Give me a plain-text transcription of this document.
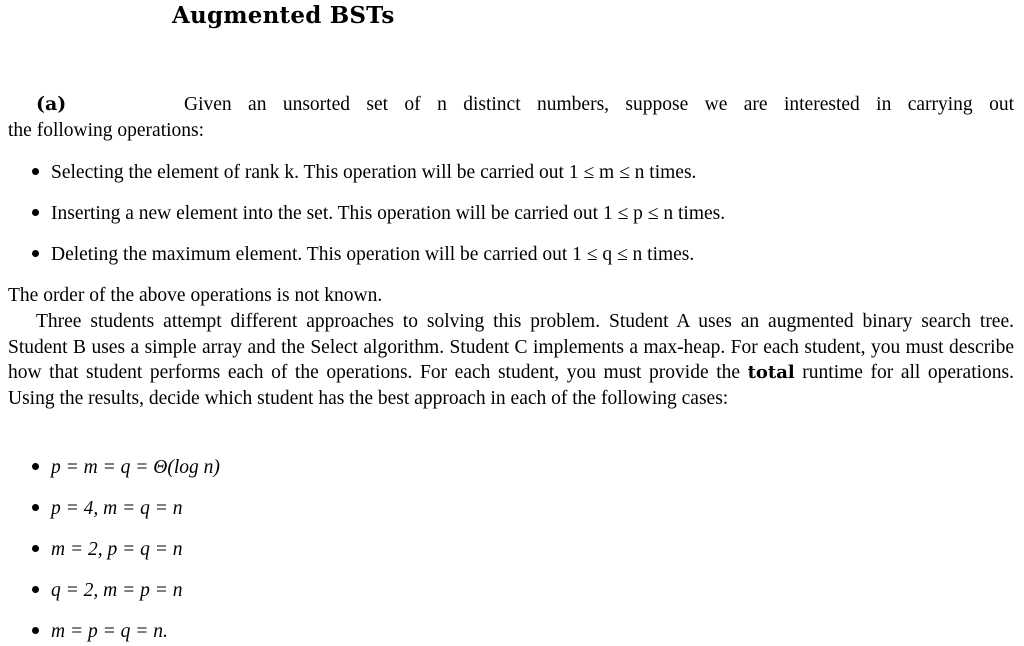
Augmented BSTs
(a)	Given an unsorted set of n distinct numbers, suppose we are interested in carrying out
the following operations:
Selecting the element of rank k. This operation will be carried out 1 ≤ m ≤ n times.
Inserting a new element into the set. This operation will be carried out 1 ≤ p ≤ n times.
Deleting the maximum element. This operation will be carried out 1 ≤ q ≤ n times.
The order of the above operations is not known.
Three students attempt different approaches to solving this problem. Student A uses an augmented binary search tree. Student B uses a simple array and the Select algorithm. Student C implements a max-heap. For each student, you must describe how that student performs each of the operations. For each student, you must provide the total runtime for all operations. Using the results, decide which student has the best approach in each of the following cases:
p = m = q = Θ(log n)
p = 4, m = q = n
m = 2, p = q = n
q = 2, m = p = n
m = p = q = n.
